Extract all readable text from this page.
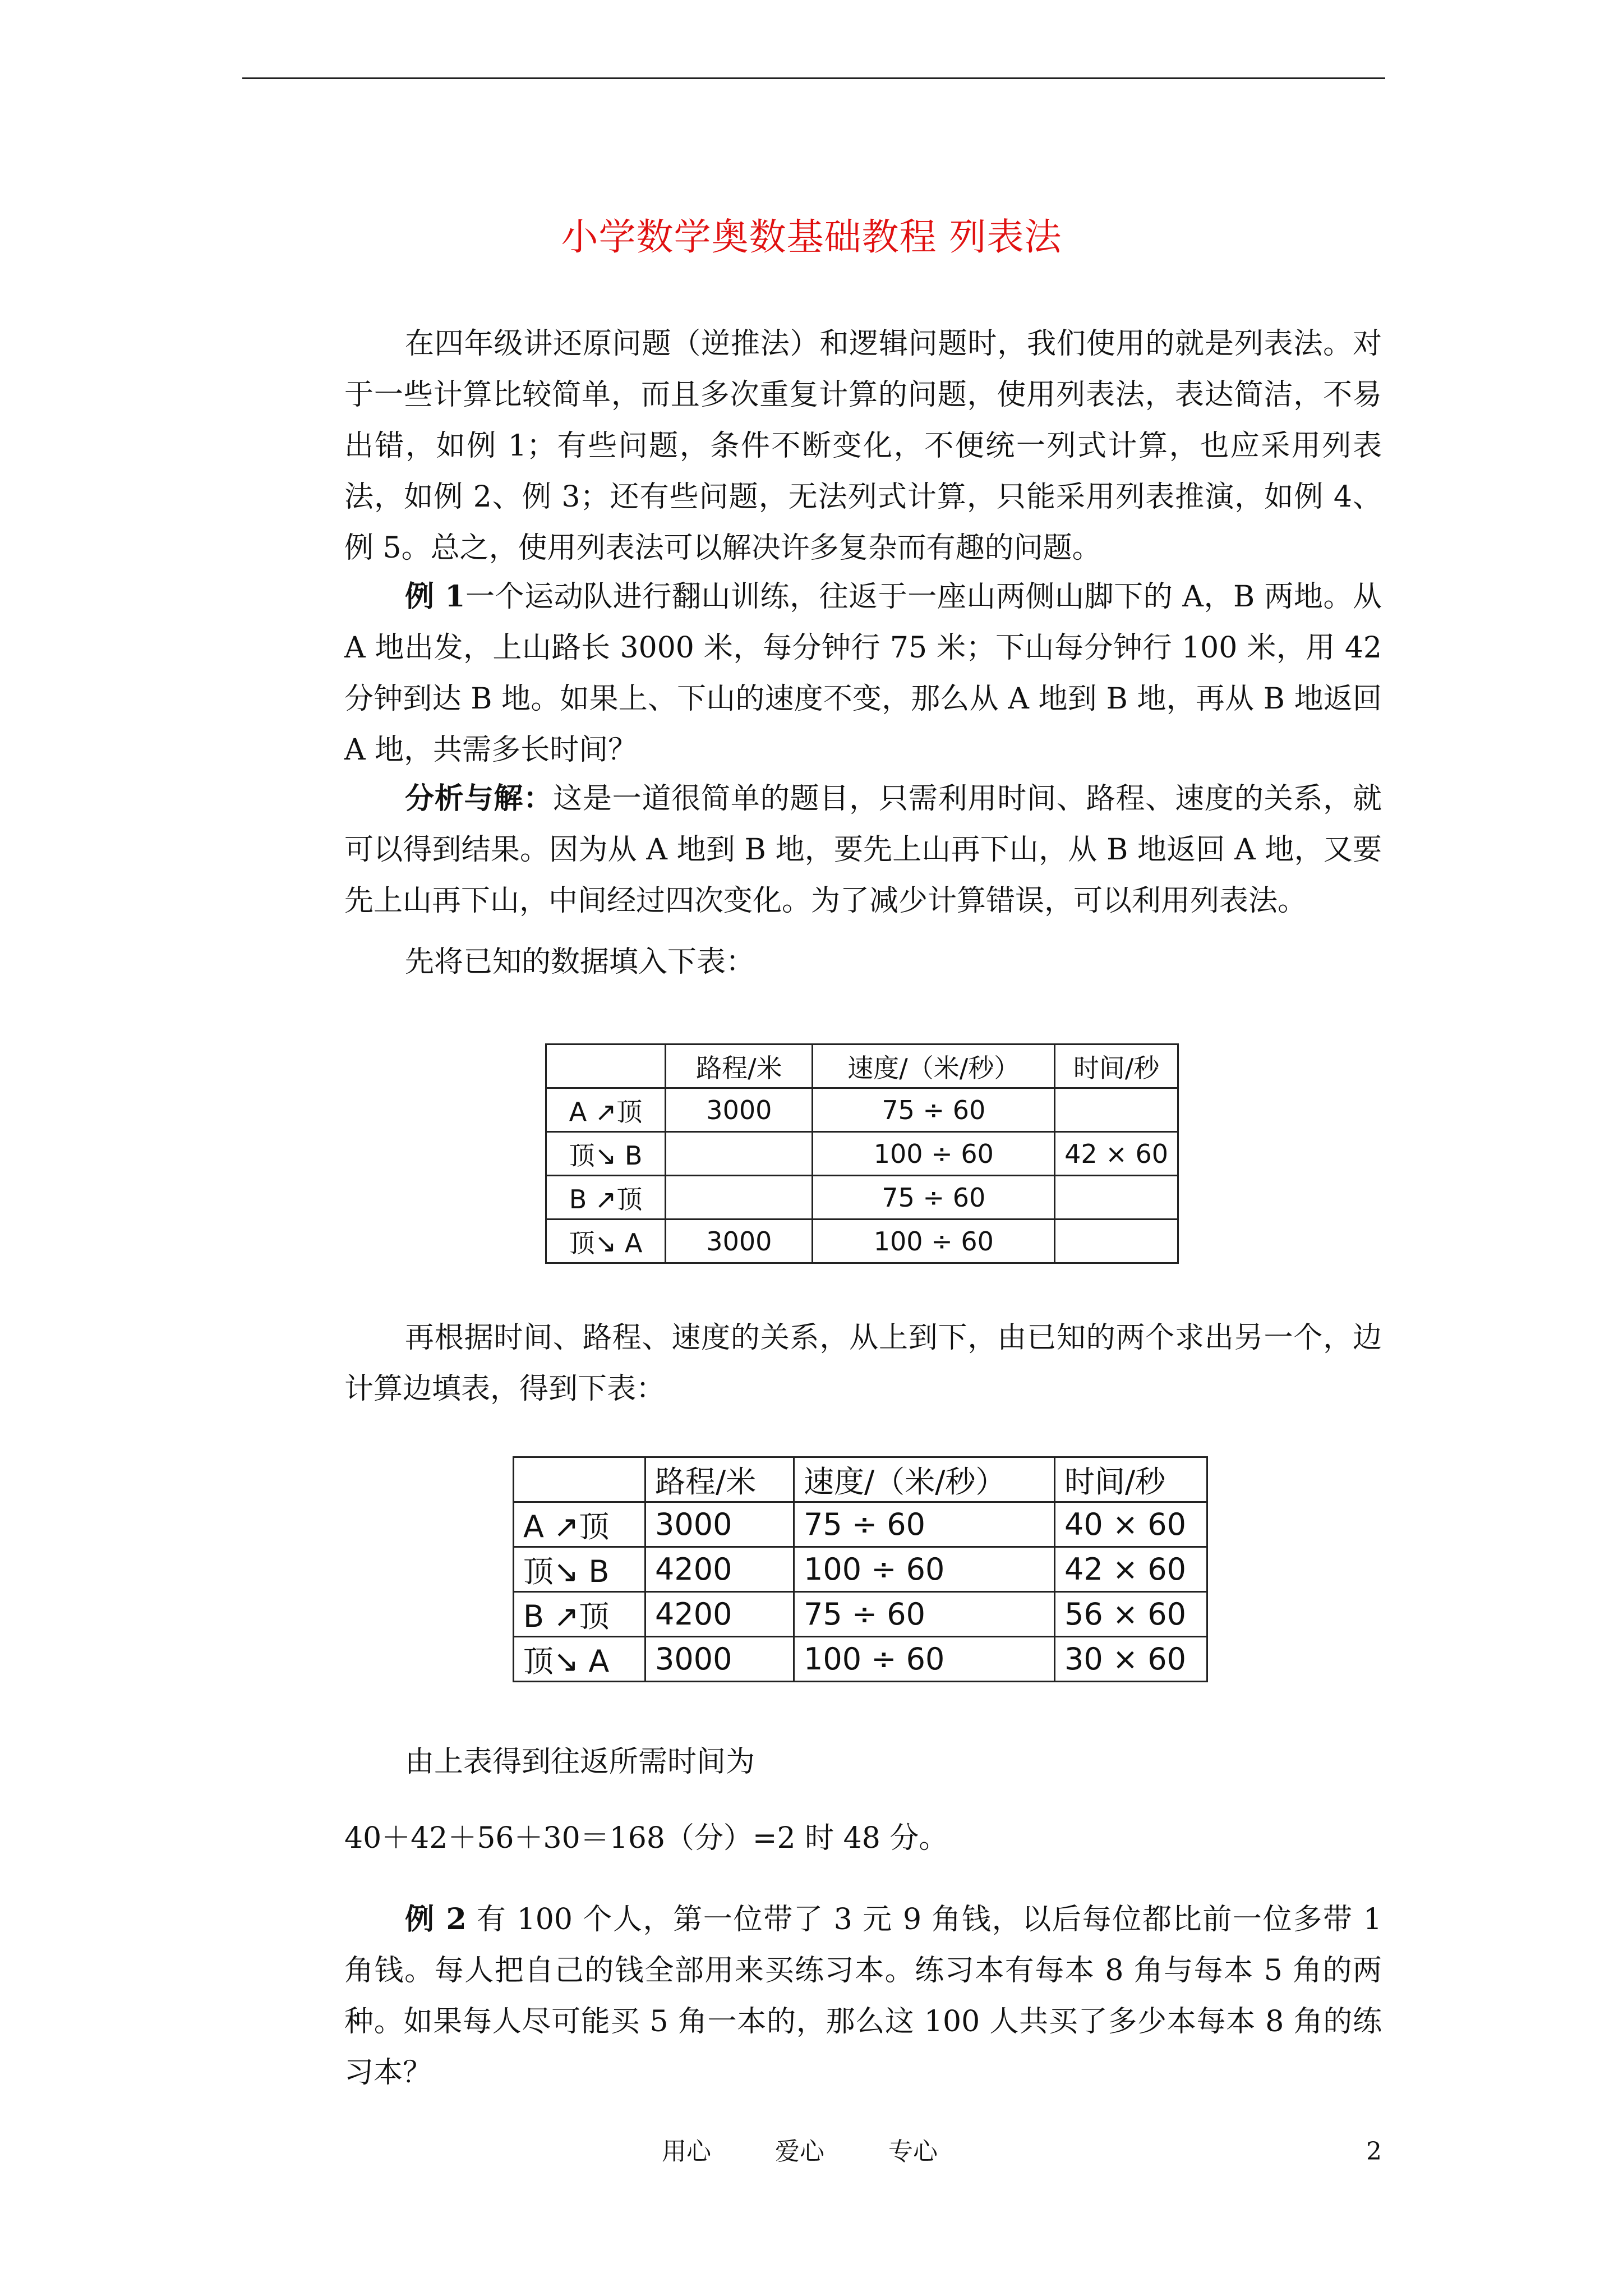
小学数学奥数基础教程 列表法

在四年级讲还原问题（逆推法）和逻辑问题时，我们使用的就是列表法。对于一些计算比较简单，而且多次重复计算的问题，使用列表法，表达简洁，不易出错，如例 1；有些问题，条件不断变化，不便统一列式计算，也应采用列表法，如例 2、例 3；还有些问题，无法列式计算，只能采用列表推演，如例 4、例 5。总之，使用列表法可以解决许多复杂而有趣的问题。

例 1一个运动队进行翻山训练，往返于一座山两侧山脚下的 A，B 两地。从 A 地出发，上山路长 3000 米，每分钟行 75 米；下山每分钟行 100 米，用 42 分钟到达 B 地。如果上、下山的速度不变，那么从 A 地到 B 地，再从 B 地返回 A 地，共需多长时间？

分析与解：这是一道很简单的题目，只需利用时间、路程、速度的关系，就可以得到结果。因为从 A 地到 B 地，要先上山再下山，从 B 地返回 A 地，又要先上山再下山，中间经过四次变化。为了减少计算错误，可以利用列表法。

先将已知的数据填入下表：

	路程/米	速度/（米/秒）	时间/秒
A ↗顶	3000	75 ÷ 60	
顶↘ B		100 ÷ 60	42 × 60
B ↗顶		75 ÷ 60	
顶↘ A	3000	100 ÷ 60	

再根据时间、路程、速度的关系，从上到下，由已知的两个求出另一个，边计算边填表，得到下表：

	路程/米	速度/（米/秒）	时间/秒
A ↗顶	3000	75 ÷ 60	40 × 60
顶↘ B	4200	100 ÷ 60	42 × 60
B ↗顶	4200	75 ÷ 60	56 × 60
顶↘ A	3000	100 ÷ 60	30 × 60

由上表得到往返所需时间为

40＋42＋56＋30＝168（分）=2 时 48 分。

例 2 有 100 个人，第一位带了 3 元 9 角钱，以后每位都比前一位多带 1 角钱。每人把自己的钱全部用来买练习本。练习本有每本 8 角与每本 5 角的两种。如果每人尽可能买 5 角一本的，那么这 100 人共买了多少本每本 8 角的练习本？

用心	爱心	专心	2
